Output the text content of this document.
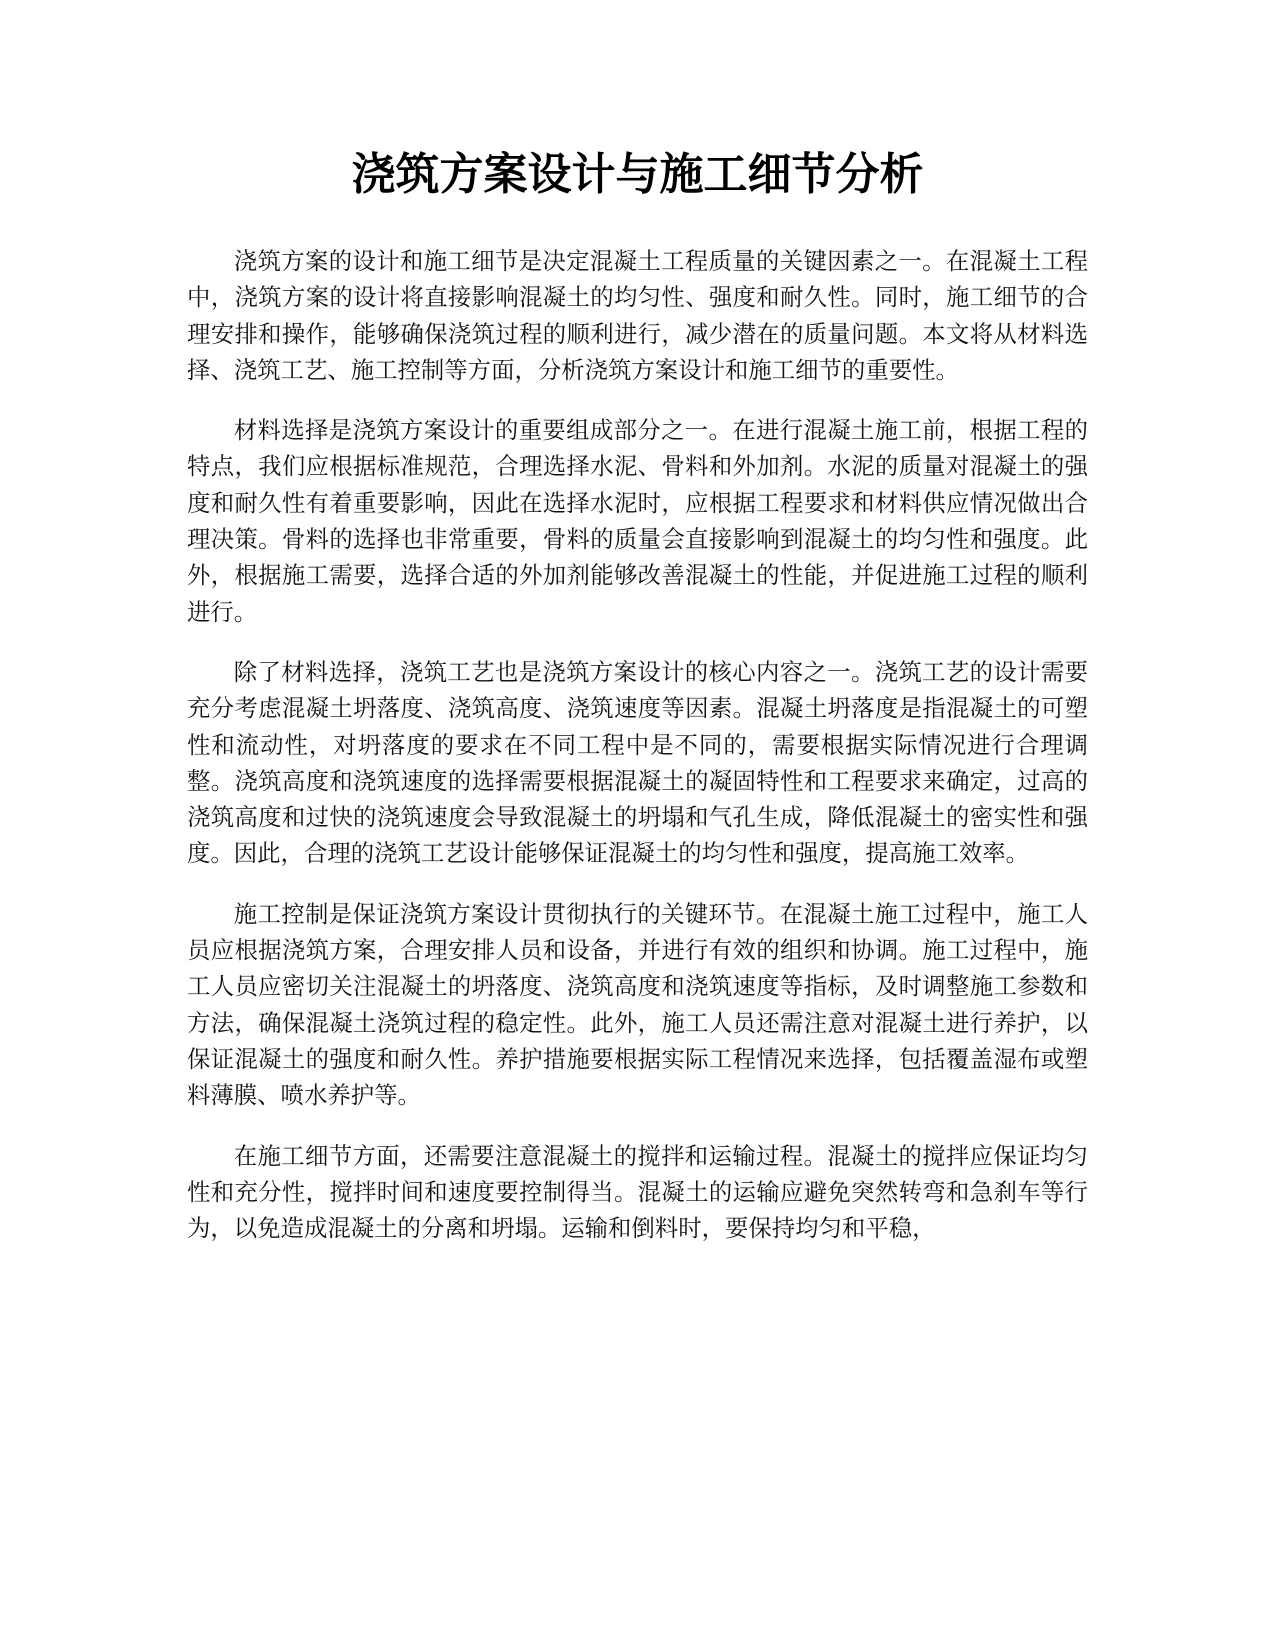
浇筑方案设计与施工细节分析

浇筑方案的设计和施工细节是决定混凝土工程质量的关键因素之一。在混凝土工程中，浇筑方案的设计将直接影响混凝土的均匀性、强度和耐久性。同时，施工细节的合理安排和操作，能够确保浇筑过程的顺利进行，减少潜在的质量问题。本文将从材料选择、浇筑工艺、施工控制等方面，分析浇筑方案设计和施工细节的重要性。

材料选择是浇筑方案设计的重要组成部分之一。在进行混凝土施工前，根据工程的特点，我们应根据标准规范，合理选择水泥、骨料和外加剂。水泥的质量对混凝土的强度和耐久性有着重要影响，因此在选择水泥时，应根据工程要求和材料供应情况做出合理决策。骨料的选择也非常重要，骨料的质量会直接影响到混凝土的均匀性和强度。此外，根据施工需要，选择合适的外加剂能够改善混凝土的性能，并促进施工过程的顺利进行。

除了材料选择，浇筑工艺也是浇筑方案设计的核心内容之一。浇筑工艺的设计需要充分考虑混凝土坍落度、浇筑高度、浇筑速度等因素。混凝土坍落度是指混凝土的可塑性和流动性，对坍落度的要求在不同工程中是不同的，需要根据实际情况进行合理调整。浇筑高度和浇筑速度的选择需要根据混凝土的凝固特性和工程要求来确定，过高的浇筑高度和过快的浇筑速度会导致混凝土的坍塌和气孔生成，降低混凝土的密实性和强度。因此，合理的浇筑工艺设计能够保证混凝土的均匀性和强度，提高施工效率。

施工控制是保证浇筑方案设计贯彻执行的关键环节。在混凝土施工过程中，施工人员应根据浇筑方案，合理安排人员和设备，并进行有效的组织和协调。施工过程中，施工人员应密切关注混凝土的坍落度、浇筑高度和浇筑速度等指标，及时调整施工参数和方法，确保混凝土浇筑过程的稳定性。此外，施工人员还需注意对混凝土进行养护，以保证混凝土的强度和耐久性。养护措施要根据实际工程情况来选择，包括覆盖湿布或塑料薄膜、喷水养护等。

在施工细节方面，还需要注意混凝土的搅拌和运输过程。混凝土的搅拌应保证均匀性和充分性，搅拌时间和速度要控制得当。混凝土的运输应避免突然转弯和急刹车等行为，以免造成混凝土的分离和坍塌。运输和倒料时，要保持均匀和平稳，
